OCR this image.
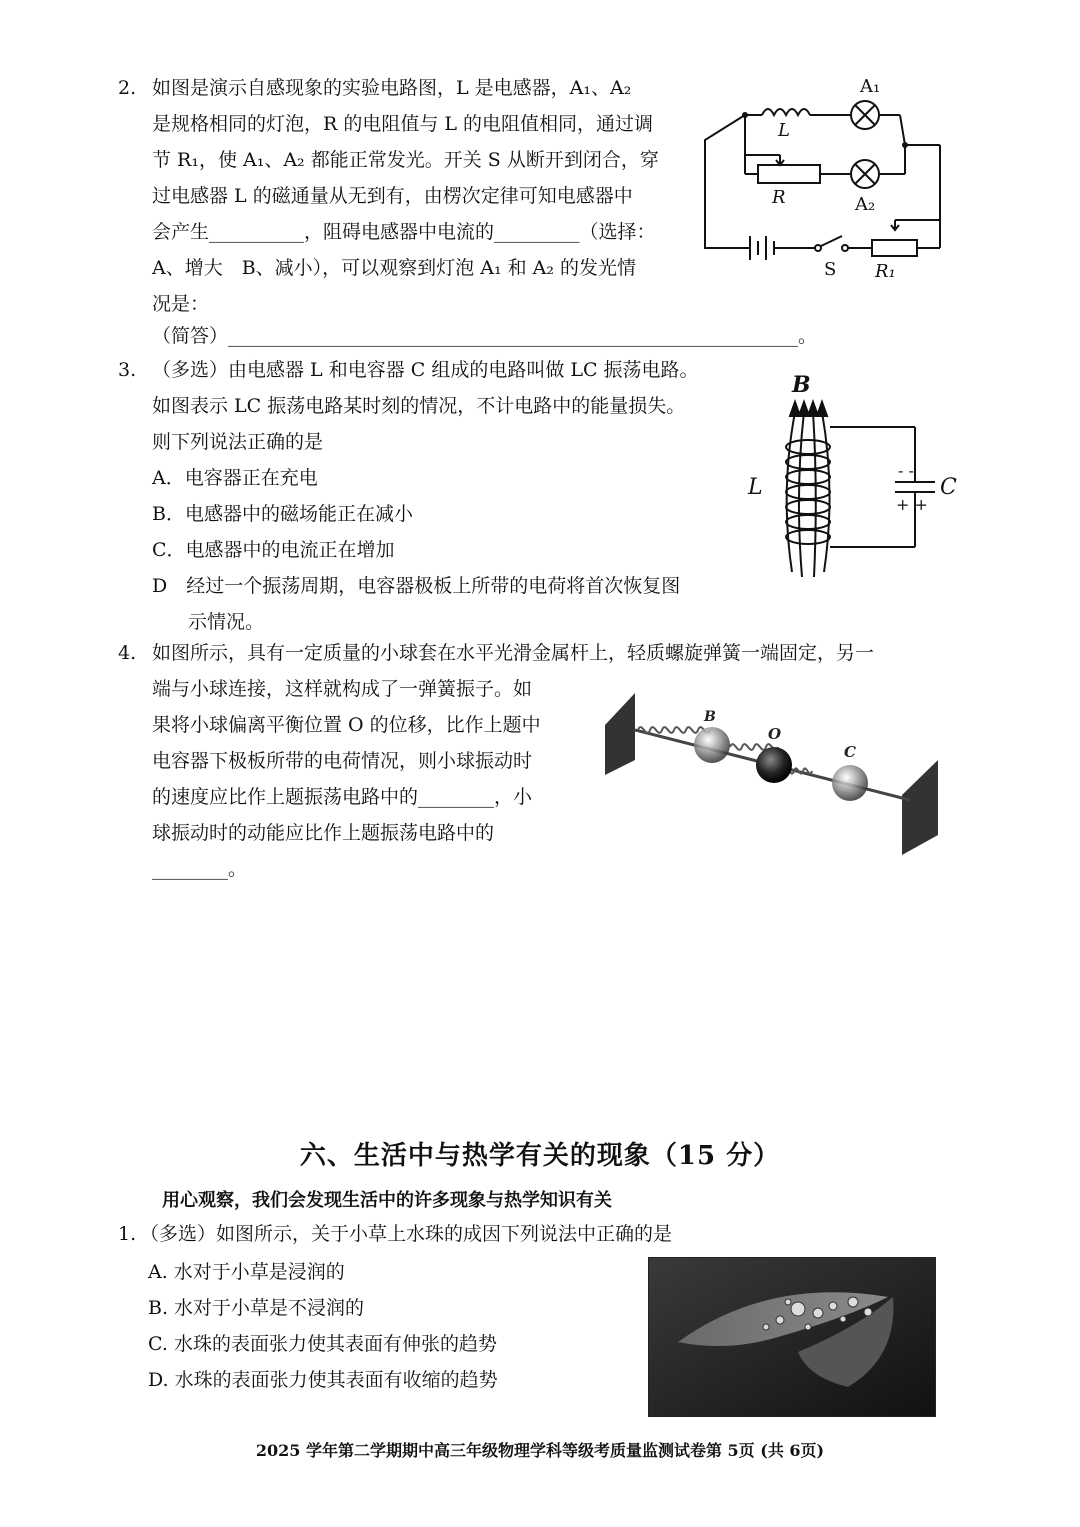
2. 如图是演示自感现象的实验电路图，L 是电感器，A₁、A₂
是规格相同的灯泡，R 的电阻值与 L 的电阻值相同，通过调
节 R₁，使 A₁、A₂ 都能正常发光。开关 S 从断开到闭合，穿
过电感器 L 的磁通量从无到有，由楞次定律可知电感器中
会产生__________，阻碍电感器中电流的_________（选择：
A、增大　B、减小），可以观察到灯泡 A₁ 和 A₂ 的发光情
况是：
（简答）____________________________________________________________。
A₁
L
R	A₂
S R₁
3. （多选）由电感器 L 和电容器 C 组成的电路叫做 LC 振荡电路。
如图表示 LC 振荡电路某时刻的情况，不计电路中的能量损失。
则下列说法正确的是
A．电容器正在充电
B．电感器中的磁场能正在减小
C．电感器中的电流正在增加
D　经过一个振荡周期，电容器极板上所带的电荷将首次恢复图
示情况。
B
L	C
- -
+ +
4. 如图所示，具有一定质量的小球套在水平光滑金属杆上，轻质螺旋弹簧一端固定，另一
端与小球连接，这样就构成了一弹簧振子。如
果将小球偏离平衡位置 O 的位移，比作上题中
电容器下极板所带的电荷情况，则小球振动时
的速度应比作上题振荡电路中的________，小
球振动时的动能应比作上题振荡电路中的
________。
B
O
C
六、生活中与热学有关的现象（15 分）
用心观察，我们会发现生活中的许多现象与热学知识有关
1. （多选）如图所示，关于小草上水珠的成因下列说法中正确的是
A. 水对于小草是浸润的
B. 水对于小草是不浸润的
C. 水珠的表面张力使其表面有伸张的趋势
D. 水珠的表面张力使其表面有收缩的趋势
2025 学年第二学期期中高三年级物理学科等级考质量监测试卷第 5页 (共 6页)
